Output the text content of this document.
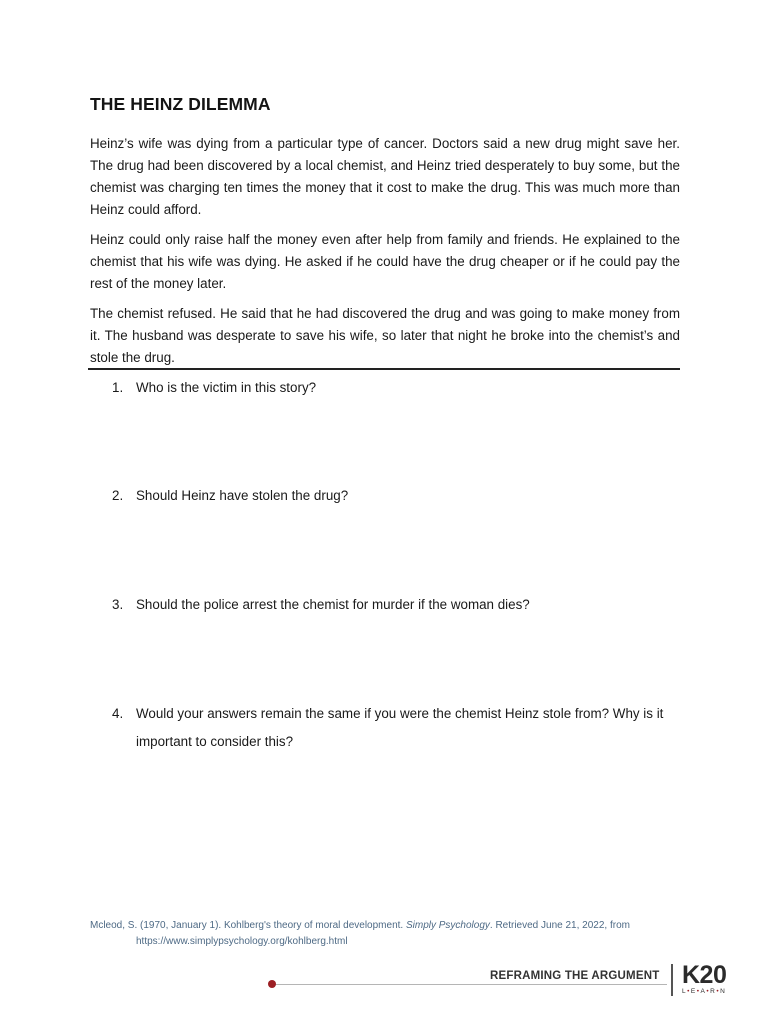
THE HEINZ DILEMMA

Heinz’s wife was dying from a particular type of cancer. Doctors said a new drug might save her. The drug had been discovered by a local chemist, and Heinz tried desperately to buy some, but the chemist was charging ten times the money that it cost to make the drug. This was much more than Heinz could afford.

Heinz could only raise half the money even after help from family and friends. He explained to the chemist that his wife was dying. He asked if he could have the drug cheaper or if he could pay the rest of the money later.

The chemist refused. He said that he had discovered the drug and was going to make money from it. The husband was desperate to save his wife, so later that night he broke into the chemist’s and stole the drug.

1. Who is the victim in this story?
2. Should Heinz have stolen the drug?
3. Should the police arrest the chemist for murder if the woman dies?
4. Would your answers remain the same if you were the chemist Heinz stole from? Why is it important to consider this?
Mcleod, S. (1970, January 1). Kohlberg's theory of moral development. Simply Psychology. Retrieved June 21, 2022, from
https://www.simplypsychology.org/kohlberg.html
REFRAMING THE ARGUMENT K20
L•E•A•R•N
